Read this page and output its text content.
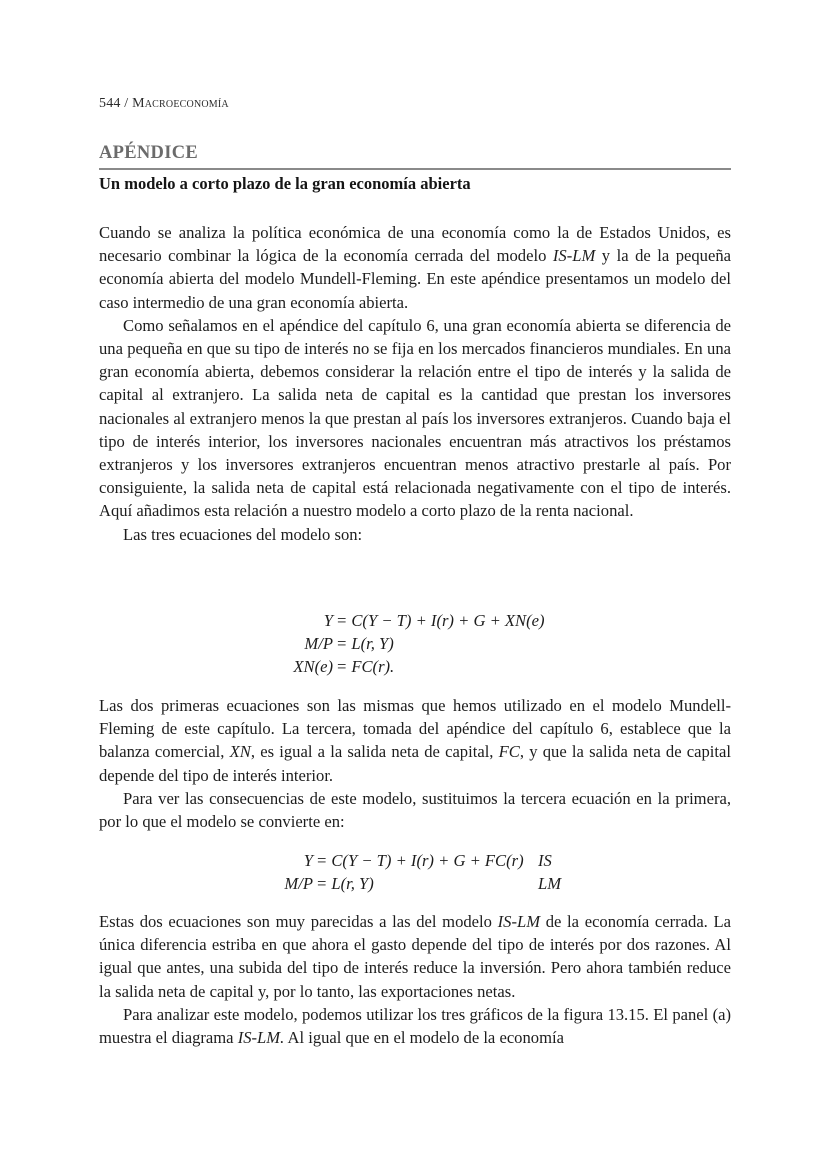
544 / Macroeconomía
APÉNDICE
Un modelo a corto plazo de la gran economía abierta

Cuando se analiza la política económica de una economía como la de Estados Unidos, es necesario combinar la lógica de la economía cerrada del modelo IS-LM y la de la pequeña economía abierta del modelo Mundell-Fleming. En este apéndice presentamos un modelo del caso intermedio de una gran economía abierta.

Como señalamos en el apéndice del capítulo 6, una gran economía abierta se diferencia de una pequeña en que su tipo de interés no se fija en los mercados financieros mundiales. En una gran economía abierta, debemos considerar la relación entre el tipo de interés y la salida de capital al extranjero. La salida neta de capital es la cantidad que prestan los inversores nacionales al extranjero menos la que prestan al país los inversores extranjeros. Cuando baja el tipo de interés interior, los inversores nacionales encuentran más atractivos los préstamos extranjeros y los inversores extranjeros encuentran menos atractivo prestarle al país. Por consiguiente, la salida neta de capital está relacionada negativamente con el tipo de interés. Aquí añadimos esta relación a nuestro modelo a corto plazo de la renta nacional.

Las tres ecuaciones del modelo son:

Y = C(Y − T) + I(r) + G + XN(e)
M/P = L(r, Y)
XN(e) = FC(r).

Las dos primeras ecuaciones son las mismas que hemos utilizado en el modelo Mundell-Fleming de este capítulo. La tercera, tomada del apéndice del capítulo 6, establece que la balanza comercial, XN, es igual a la salida neta de capital, FC, y que la salida neta de capital depende del tipo de interés interior.

Para ver las consecuencias de este modelo, sustituimos la tercera ecuación en la primera, por lo que el modelo se convierte en:

Y = C(Y − T) + I(r) + G + FC(r) IS
M/P = L(r, Y)	LM

Estas dos ecuaciones son muy parecidas a las del modelo IS-LM de la economía cerrada. La única diferencia estriba en que ahora el gasto depende del tipo de interés por dos razones. Al igual que antes, una subida del tipo de interés reduce la inversión. Pero ahora también reduce la salida neta de capital y, por lo tanto, las exportaciones netas.

Para analizar este modelo, podemos utilizar los tres gráficos de la figura 13.15. El panel (a) muestra el diagrama IS-LM. Al igual que en el modelo de la economía
